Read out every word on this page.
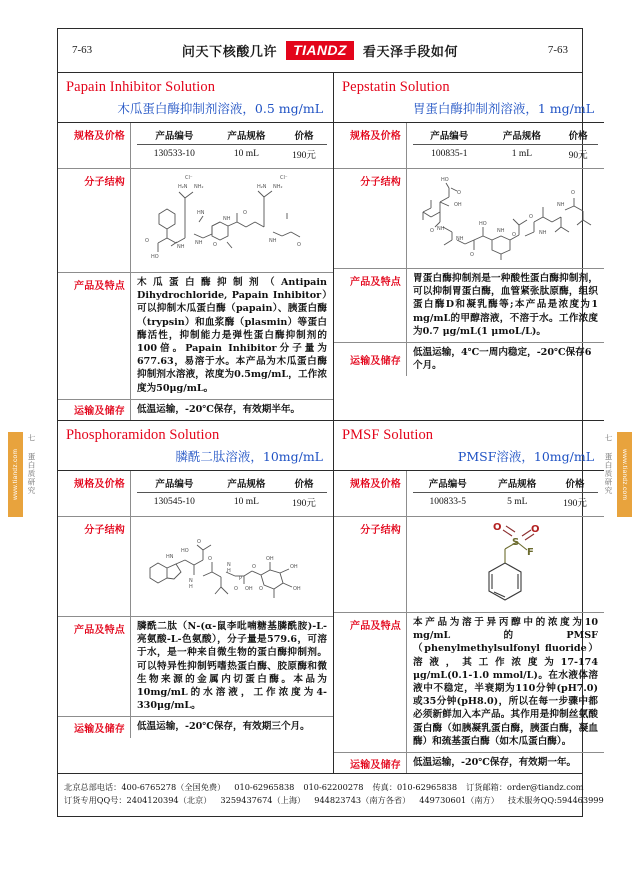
www.tiandz.com	七 蛋白质研究	www.tiandz.com
七 蛋白质研究
7-63	问天下核酸几许	TIANDZ	看天泽手段如何	7-63
Papain Inhibitor Solution
木瓜蛋白酶抑制剂溶液，0.5 mg/mL
规格及价格	产品编号	产品规格	价格
130533-10	10 mL	190元
分子结构
HO
O
NH
NH
HN
H₂N NH₂
Cl⁻
NH
O
O
H₂N NH₂
Cl⁻
NH
O
产品及特点	木瓜蛋白酶抑制剂（Antipain Dihydrochloride, Papain Inhibitor）可以抑制木瓜蛋白酶（papain）、胰蛋白酶（trypsin）和血浆酶（plasmin）等蛋白酶活性，抑制能力是弹性蛋白酶抑制剂的100倍。Papain Inhibitor分子量为677.63，易溶于水。本产品为木瓜蛋白酶抑制剂水溶液，浓度为0.5mg/mL，工作浓度为50μg/mL。
运输及储存	低温运输，-20℃保存，有效期半年。
Pepstatin Solution
胃蛋白酶抑制剂溶液，1 mg/mL
规格及价格	产品编号	产品规格	价格
100835-1	1 mL	90元
分子结构	HO
O
OH
NH
O
NH
O
HO
NH
O
O
NH
NH
O
产品及特点	胃蛋白酶抑制剂是一种酸性蛋白酶抑制剂，可以抑制胃蛋白酶，血管紧张肽原酶，组织蛋白酶D和凝乳酶等;本产品是浓度为1 mg/mL的甲醇溶液，不溶于水。工作浓度为0.7 μg/mL(1 μmoL/L)。
运输及储存
低温运输，4℃一周内稳定，-20℃保存6个月。
Phosphoramidon Solution
膦酰二肽溶液，10mg/mL
规格及价格	产品编号	产品规格	价格
130545-10	10 mL	190元
分子结构
HN
HO
O
N
H
O
N
H
P
O OH
O
OH
OH
OH
O
产品及特点	膦酰二肽（N-(α-鼠李吡喃糖基膦酰胺)-L-亮氨酸-L-色氨酸），分子量是579.6，可溶于水，是一种来自微生物的蛋白酶抑制剂。可以特异性抑制钙嗜热蛋白酶、胶原酶和微生物来源的金属内切蛋白酶。本品为10mg/mL的水溶液，工作浓度为4-330μg/mL。
运输及储存	低温运输，-20℃保存，有效期三个月。
PMSF Solution
PMSF溶液，10mg/mL
规格及价格	产品编号	产品规格	价格
100833-5	5 mL	190元
分子结构
S
O	O
F
产品及特点	本产品为溶于异丙醇中的浓度为10 mg/mL的PMSF（phenylmethylsulfonyl fluoride）溶液，其工作浓度为17-174 μg/mL(0.1-1.0 mmol/L)。在水液体溶液中不稳定，半衰期为110分钟(pH7.0)或35分钟(pH8.0)，所以在每一步骤中都必须新鲜加入本产品。其作用是抑制丝氨酸蛋白酶（如胰凝乳蛋白酶，胰蛋白酶，凝血酶）和巯基蛋白酶（如木瓜蛋白酶）。
运输及储存	低温运输，-20℃保存，有效期一年。
北京总部电话：400-6765278（全国免费） 010-62965838 010-62200278 传真：010-62965838 订货邮箱：order@tiandz.com
订货专用QQ号：2404120394（北京） 3259437674（上海） 944823743（南方各省） 449730601（南方） 技术服务QQ:594463999
